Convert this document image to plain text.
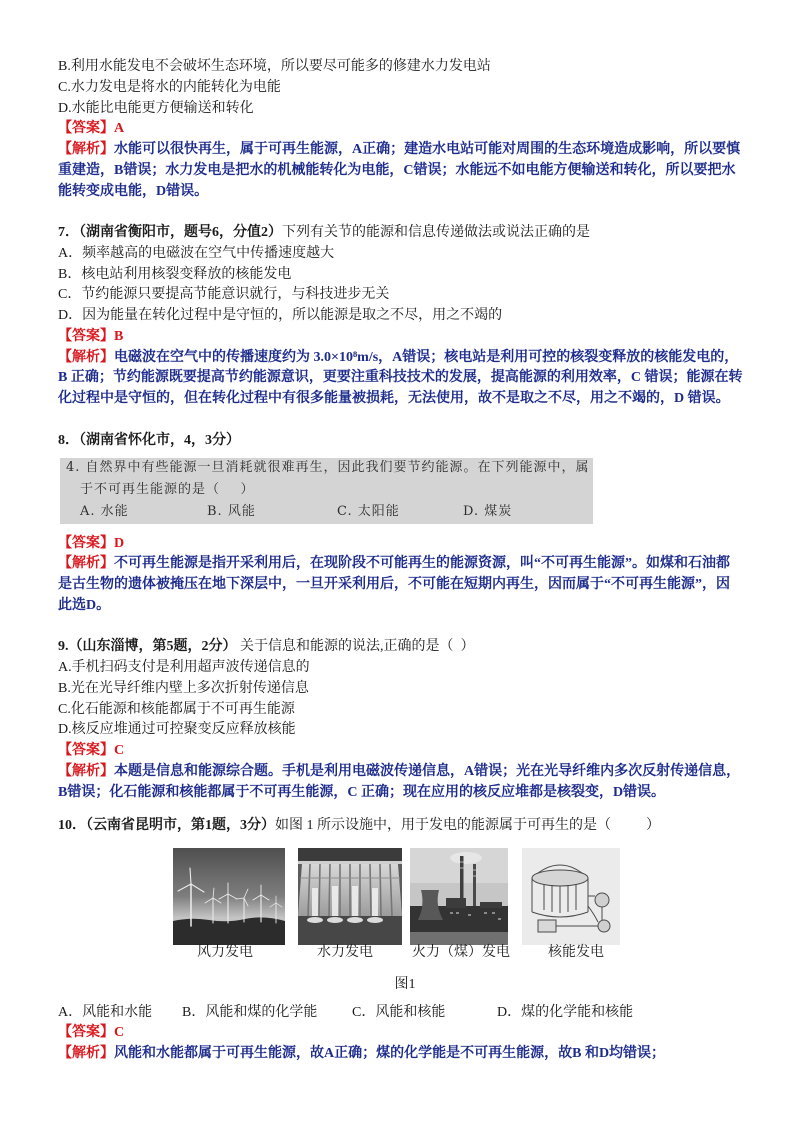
B.利用水能发电不会破坏生态环境，所以要尽可能多的修建水力发电站
C.水力发电是将水的内能转化为电能
D.水能比电能更方便输送和转化
【答案】A
【解析】水能可以很快再生，属于可再生能源，A正确；建造水电站可能对周围的生态环境造成影响，所以要慎
重建造，B错误；水力发电是把水的机械能转化为电能，C错误；水能远不如电能方便输送和转化，所以要把水
能转变成电能，D错误。
7．（湖南省衡阳市，题号6，分值2）下列有关节的能源和信息传递做法或说法正确的是
A．频率越高的电磁波在空气中传播速度越大
B．核电站利用核裂变释放的核能发电
C．节约能源只要提高节能意识就行，与科技进步无关
D．因为能量在转化过程中是守恒的，所以能源是取之不尽，用之不竭的
【答案】B
【解析】电磁波在空气中的传播速度约为 3.0×10⁸m/s，A错误；核电站是利用可控的核裂变释放的核能发电的，
B 正确；节约能源既要提高节约能源意识，更要注重科技技术的发展，提高能源的利用效率，C 错误；能源在转
化过程中是守恒的，但在转化过程中有很多能量被损耗，无法使用，故不是取之不尽，用之不竭的，D 错误。
8．（湖南省怀化市，4，3分）
4. 自然界中有些能源一旦消耗就很难再生，因此我们要节约能源。在下列能源中，属
于不可再生能源的是（    ）
A. 水能	B. 风能	C. 太阳能	D. 煤炭
【答案】D
【解析】不可再生能源是指开采利用后，在现阶段不可能再生的能源资源，叫“不可再生能源”。如煤和石油都
是古生物的遗体被掩压在地下深层中，一旦开采利用后，不可能在短期内再生，因而属于“不可再生能源”，因
此选D。
9.（山东淄博，第5题，2分） 关于信息和能源的说法,正确的是（  ）
A.手机扫码支付是利用超声波传递信息的
B.光在光导纤维内壁上多次折射传递信息
C.化石能源和核能都属于不可再生能源
D.核反应堆通过可控聚变反应释放核能
【答案】C
【解析】本题是信息和能源综合题。手机是利用电磁波传递信息，A错误；光在光导纤维内多次反射传递信息，
B错误；化石能源和核能都属于不可再生能源，C 正确；现在应用的核反应堆都是核裂变，D错误。
10．（云南省昆明市，第1题，3分）如图 1 所示设施中，用于发电的能源属于可再生的是（          ）
风力发电	水力发电	火力（煤）发电	核能发电
图1

A．风能和水能

B．风能和煤的化学能

C．风能和核能

	D．煤的化学能和核能

【答案】C
【解析】风能和水能都属于可再生能源，故A正确；煤的化学能是不可再生能源，故B 和D均错误；
